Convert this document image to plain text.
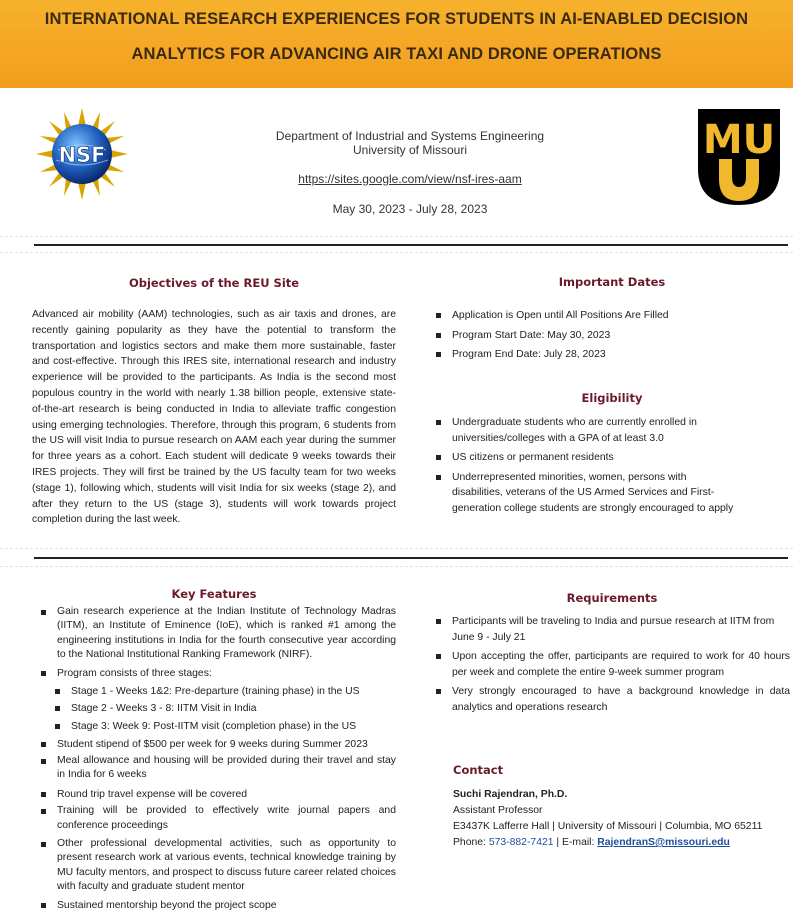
INTERNATIONAL RESEARCH EXPERIENCES FOR STUDENTS IN AI-ENABLED DECISION
ANALYTICS FOR ADVANCING AIR TAXI AND DRONE OPERATIONS
NSF
Department of Industrial and Systems Engineering
University of Missouri
https://sites.google.com/view/nsf-ires-aam
May 30, 2023 - July 28, 2023
MU
Objectives of the REU Site
Advanced air mobility (AAM) technologies, such as air taxis and drones, are recently gaining popularity as they have the potential to transform the transportation and logistics sectors and make them more sustainable, faster and cost-effective. Through this IRES site, international research and industry experience will be provided to the participants. As India is the second most populous country in the world with nearly 1.38 billion people, extensive state-of-the-art research is being conducted in India to alleviate traffic congestion using emerging technologies. Therefore, through this program, 6 students from the US will visit India to pursue research on AAM each year during the summer for three years as a cohort. Each student will dedicate 9 weeks towards their IRES projects. They will first be trained by the US faculty team for two weeks (stage 1), following which, students will visit India for six weeks (stage 2), and after they return to the US (stage 3), students will work towards project completion during the last week.
Important Dates
Application is Open until All Positions Are Filled
Program Start Date: May 30, 2023
Program End Date: July 28, 2023
Eligibility
Undergraduate students who are currently enrolled in universities/colleges with a GPA of at least 3.0
US citizens or permanent residents
Underrepresented minorities, women, persons with disabilities, veterans of the US Armed Services and First-generation college students are strongly encouraged to apply
Key Features
Gain research experience at the Indian Institute of Technology Madras (IITM), an Institute of Eminence (IoE), which is ranked #1 among the engineering institutions in India for the fourth consecutive year according to the National Institutional Ranking Framework (NIRF).
Program consists of three stages:
Stage 1 - Weeks 1&2: Pre-departure (training phase) in the US
Stage 2 - Weeks 3 - 8: IITM Visit in India
Stage 3: Week 9: Post-IITM visit (completion phase) in the US
Student stipend of $500 per week for 9 weeks during Summer 2023
Meal allowance and housing will be provided during their travel and stay in India for 6 weeks
Round trip travel expense will be covered
Training will be provided to effectively write journal papers and conference proceedings
Other professional developmental activities, such as opportunity to present research work at various events, technical knowledge training by MU faculty mentors, and prospect to discuss future career related choices with faculty and graduate student mentor
Sustained mentorship beyond the project scope
Requirements
Participants will be traveling to India and pursue research at IITM from June 9 - July 21
Upon accepting the offer, participants are required to work for 40 hours per week and complete the entire 9-week summer program
Very strongly encouraged to have a background knowledge in data analytics and operations research
Contact
Suchi Rajendran, Ph.D.
Assistant Professor
E3437K Lafferre Hall | University of Missouri | Columbia, MO 65211
Phone: 573-882-7421 | E-mail: RajendranS@missouri.edu
